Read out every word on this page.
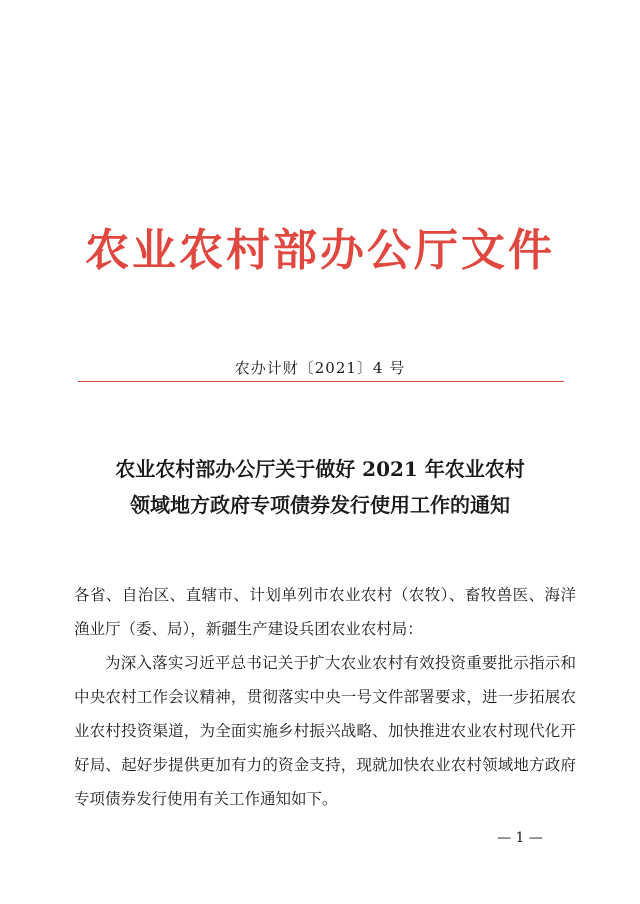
农业农村部办公厅文件
农办计财〔2021〕4 号
农业农村部办公厅关于做好 2021 年农业农村
领域地方政府专项债券发行使用工作的通知

各省、自治区、直辖市、计划单列市农业农村（农牧）、畜牧兽医、海洋渔业厅（委、局），新疆生产建设兵团农业农村局：

为深入落实习近平总书记关于扩大农业农村有效投资重要批示指示和中央农村工作会议精神，贯彻落实中央一号文件部署要求，进一步拓展农业农村投资渠道，为全面实施乡村振兴战略、加快推进农业农村现代化开好局、起好步提供更加有力的资金支持，现就加快农业农村领域地方政府专项债券发行使用有关工作通知如下。

— 1 —
